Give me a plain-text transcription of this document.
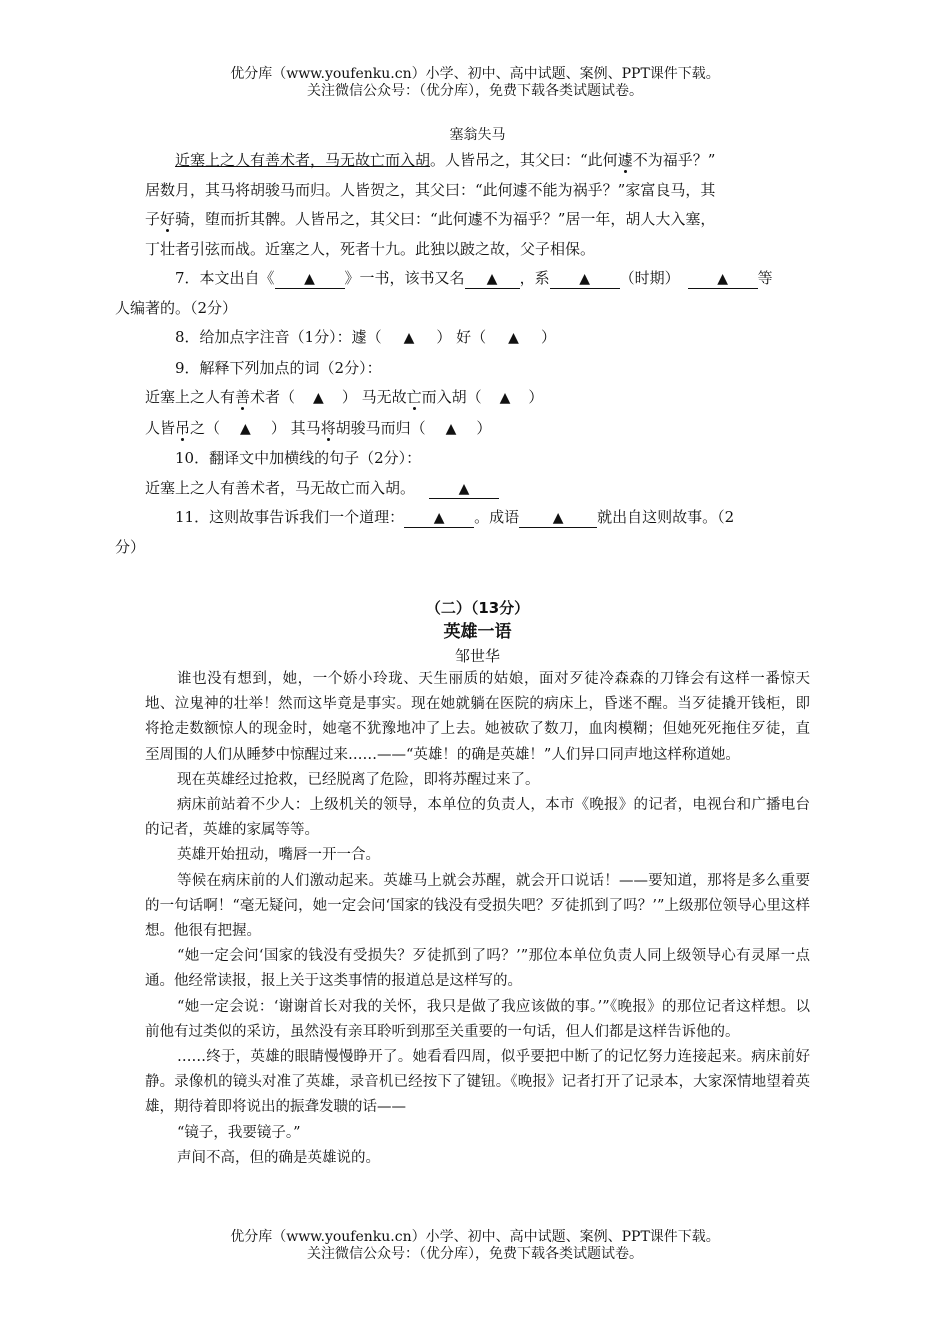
优分库（www.youfenku.cn）小学、初中、高中试题、案例、PPT课件下载。
关注微信公众号：（优分库），免费下载各类试题试卷。
塞翁失马

近塞上之人有善术者，马无故亡而入胡。人皆吊之，其父曰：“此何遽不为福乎？”
居数月，其马将胡骏马而归。人皆贺之，其父曰：“此何遽不能为祸乎？”家富良马，其
子好骑，堕而折其髀。人皆吊之，其父曰：“此何遽不为福乎？”居一年，胡人大入塞，
丁壮者引弦而战。近塞之人，死者十九。此独以跛之故，父子相保。

7．本文出自《 ▲ 》一书，该书又名 ▲ ，系 ▲ （时期）	▲ 等
人编著的。（2分）

8．给加点字注音（1分）：遽（ ▲ ） 好（ ▲ ）

9．解释下列加点的词（2分）：
近塞上之人有善术者（ ▲ ） 马无故亡而入胡（ ▲ ）
人皆吊之（ ▲ ） 其马将胡骏马而归（ ▲ ）

10．翻译文中加横线的句子（2分）：
近塞上之人有善术者，马无故亡而入胡。	▲

11．这则故事告诉我们一个道理： ▲ 。成语 ▲ 就出自这则故事。（2
分）

（二）（13分）
英雄一语
邹世华

谁也没有想到，她，一个娇小玲珑、天生丽质的姑娘，面对歹徒冷森森的刀锋会有这样一番惊天地、泣鬼神的壮举！然而这毕竟是事实。现在她就躺在医院的病床上，昏迷不醒。当歹徒撬开钱柜，即将抢走数额惊人的现金时，她毫不犹豫地冲了上去。她被砍了数刀，血肉模糊；但她死死拖住歹徒，直至周围的人们从睡梦中惊醒过来……——“英雄！的确是英雄！”人们异口同声地这样称道她。

现在英雄经过抢救，已经脱离了危险，即将苏醒过来了。

病床前站着不少人：上级机关的领导，本单位的负责人，本市《晚报》的记者，电视台和广播电台的记者，英雄的家属等等。

英雄开始扭动，嘴唇一开一合。

等候在病床前的人们激动起来。英雄马上就会苏醒，就会开口说话！——要知道，那将是多么重要的一句话啊！“毫无疑问，她一定会问‘国家的钱没有受损失吧？歹徒抓到了吗？’”上级那位领导心里这样想。他很有把握。

“她一定会问‘国家的钱没有受损失？歹徒抓到了吗？’”那位本单位负责人同上级领导心有灵犀一点通。他经常读报，报上关于这类事情的报道总是这样写的。

“她一定会说：‘谢谢首长对我的关怀，我只是做了我应该做的事。’”《晚报》的那位记者这样想。以前他有过类似的采访，虽然没有亲耳聆听到那至关重要的一句话，但人们都是这样告诉他的。

……终于，英雄的眼睛慢慢睁开了。她看看四周，似乎要把中断了的记忆努力连接起来。病床前好静。录像机的镜头对准了英雄，录音机已经按下了键钮。《晚报》记者打开了记录本，大家深情地望着英雄，期待着即将说出的振聋发聩的话——

“镜子，我要镜子。”

声间不高，但的确是英雄说的。

优分库（www.youfenku.cn）小学、初中、高中试题、案例、PPT课件下载。
关注微信公众号：（优分库），免费下载各类试题试卷。
